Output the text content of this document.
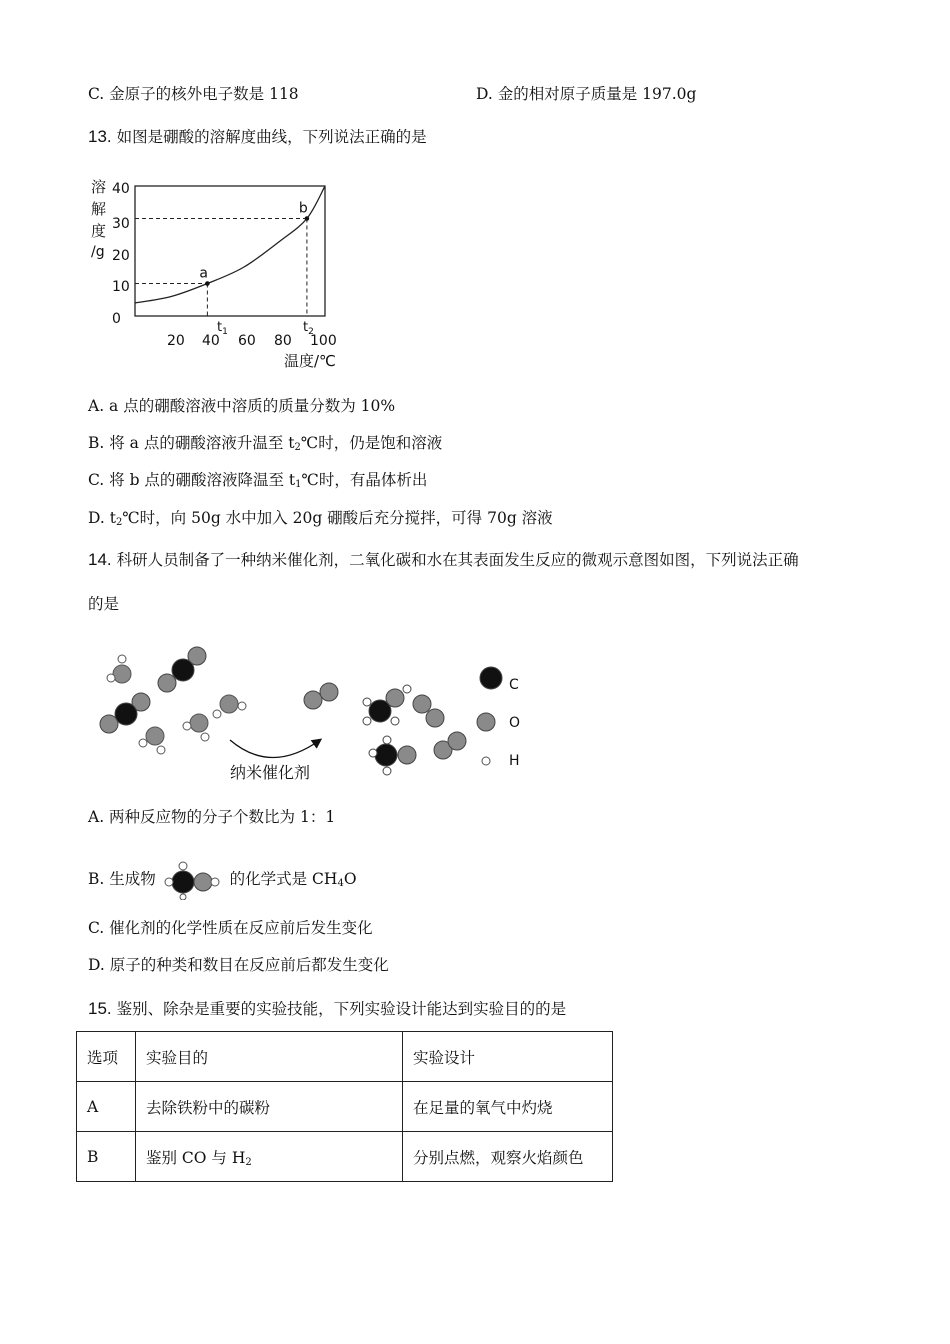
C. 金原子的核外电子数是 118	D. 金的相对原子质量是 197.0g
13. 如图是硼酸的溶解度曲线，下列说法正确的是
溶
解
度
/g
40
30
20
10
0
a
b
20 40 60 80 100
$t_1$	$t_2$
温度/℃
A. a 点的硼酸溶液中溶质的质量分数为 10%
B. 将 a 点的硼酸溶液升温至 $t_2℃$时，仍是饱和溶液
C. 将 b 点的硼酸溶液降温至 $t_1℃$时，有晶体析出
D. $t_2℃$时，向 50g 水中加入 20g 硼酸后充分搅拌，可得 70g 溶液
14. 科研人员制备了一种纳米催化剂，二氧化碳和水在其表面发生反应的微观示意图如图，下列说法正确
的是
纳米催化剂
C
O
H
A. 两种反应物的分子个数比为 1：1
B. 生成物	的化学式是 $CH_4O$
C. 催化剂的化学性质在反应前后发生变化
D. 原子的种类和数目在反应前后都发生变化
15. 鉴别、除杂是重要的实验技能，下列实验设计能达到实验目的的是
选项	实验目的	实验设计
A	去除铁粉中的碳粉	在足量的氧气中灼烧
B	鉴别 CO 与 $H_2$	分别点燃，观察火焰颜色
